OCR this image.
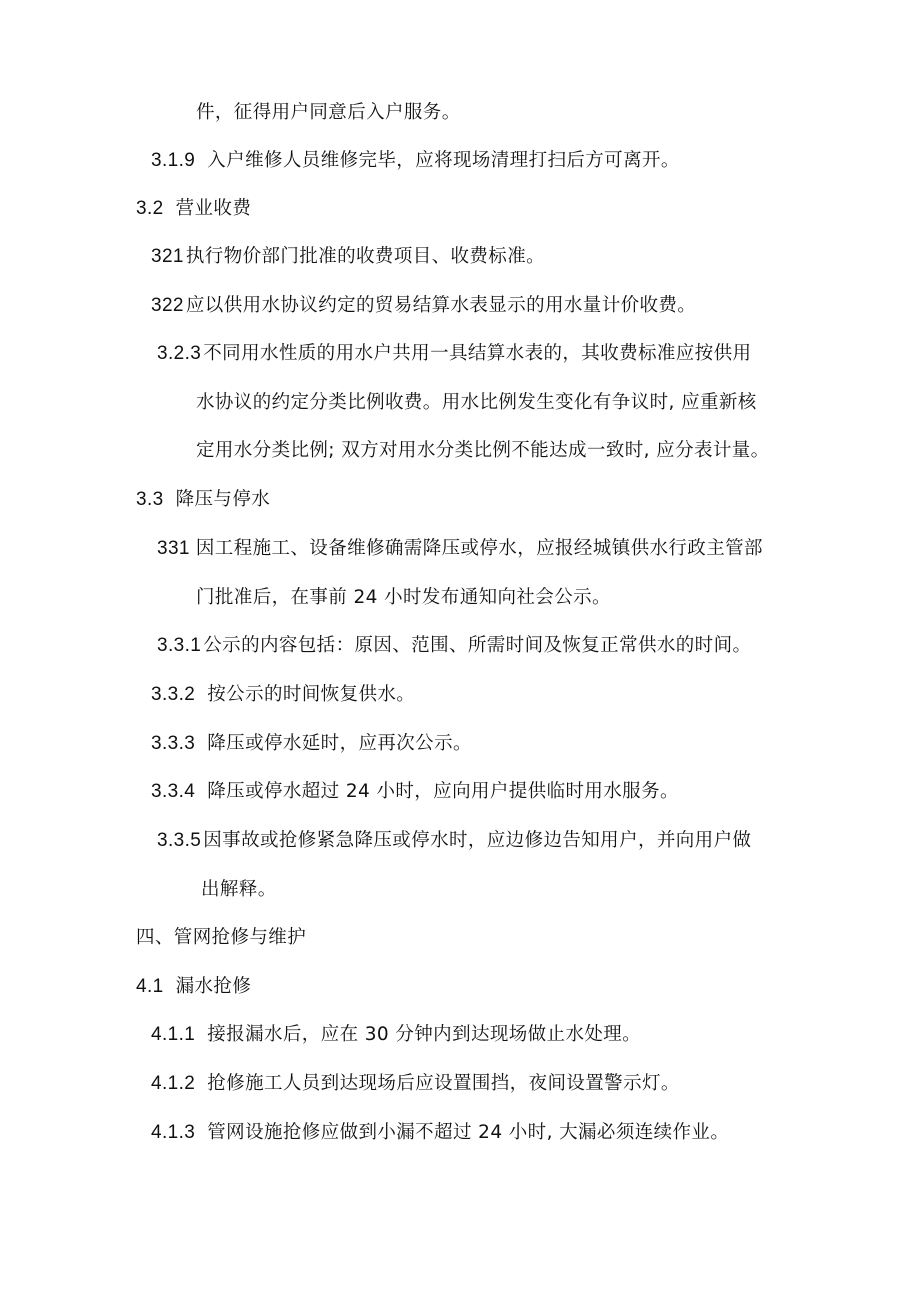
件，征得用户同意后入户服务。
3.1.9 入户维修人员维修完毕，应将现场清理打扫后方可离开。
3.2 营业收费
321 执行物价部门批准的收费项目、收费标准。
322 应以供用水协议约定的贸易结算水表显示的用水量计价收费。
3.2.3 不同用水性质的用水户共用一具结算水表的，其收费标准应按供用
水协议的约定分类比例收费。用水比例发生变化有争议时, 应重新核
定用水分类比例; 双方对用水分类比例不能达成一致时, 应分表计量。
3.3 降压与停水
331 因工程施工、设备维修确需降压或停水，应报经城镇供水行政主管部
门批准后，在事前 24 小时发布通知向社会公示。
3.3.1 公示的内容包括：原因、范围、所需时间及恢复正常供水的时间。
3.3.2 按公示的时间恢复供水。
3.3.3 降压或停水延时，应再次公示。
3.3.4 降压或停水超过 24 小时，应向用户提供临时用水服务。
3.3.5 因事故或抢修紧急降压或停水时，应边修边告知用户，并向用户做
出解释。
四、管网抢修与维护
4.1 漏水抢修
4.1.1 接报漏水后，应在 30 分钟内到达现场做止水处理。
4.1.2 抢修施工人员到达现场后应设置围挡，夜间设置警示灯。
4.1.3 管网设施抢修应做到小漏不超过 24 小时, 大漏必须连续作业。
